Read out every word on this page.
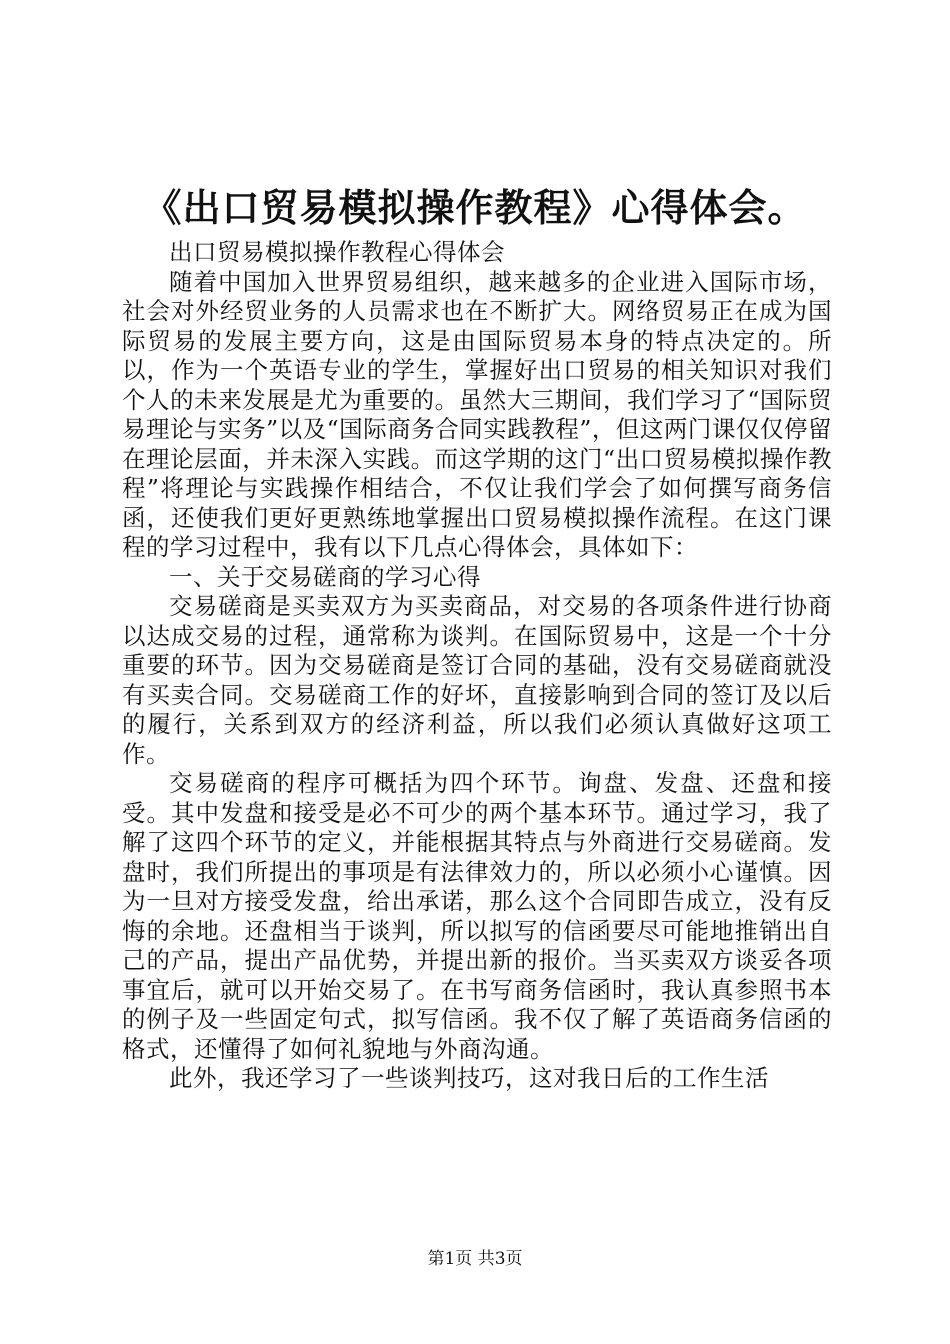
《出口贸易模拟操作教程》心得体会。

出口贸易模拟操作教程心得体会

随着中国加入世界贸易组织，越来越多的企业进入国际市场，社会对外经贸业务的人员需求也在不断扩大。网络贸易正在成为国际贸易的发展主要方向，这是由国际贸易本身的特点决定的。所以，作为一个英语专业的学生，掌握好出口贸易的相关知识对我们个人的未来发展是尤为重要的。虽然大三期间，我们学习了“国际贸易理论与实务”以及“国际商务合同实践教程”，但这两门课仅仅停留在理论层面，并未深入实践。而这学期的这门“出口贸易模拟操作教程”将理论与实践操作相结合，不仅让我们学会了如何撰写商务信函，还使我们更好更熟练地掌握出口贸易模拟操作流程。在这门课程的学习过程中，我有以下几点心得体会，具体如下：

一、关于交易磋商的学习心得

交易磋商是买卖双方为买卖商品，对交易的各项条件进行协商以达成交易的过程，通常称为谈判。在国际贸易中，这是一个十分重要的环节。因为交易磋商是签订合同的基础，没有交易磋商就没有买卖合同。交易磋商工作的好坏，直接影响到合同的签订及以后的履行，关系到双方的经济利益，所以我们必须认真做好这项工作。

交易磋商的程序可概括为四个环节。询盘、发盘、还盘和接受。其中发盘和接受是必不可少的两个基本环节。通过学习，我了解了这四个环节的定义，并能根据其特点与外商进行交易磋商。发盘时，我们所提出的事项是有法律效力的，所以必须小心谨慎。因为一旦对方接受发盘，给出承诺，那么这个合同即告成立，没有反悔的余地。还盘相当于谈判，所以拟写的信函要尽可能地推销出自己的产品，提出产品优势，并提出新的报价。当买卖双方谈妥各项事宜后，就可以开始交易了。在书写商务信函时，我认真参照书本的例子及一些固定句式，拟写信函。我不仅了解了英语商务信函的格式，还懂得了如何礼貌地与外商沟通。

此外，我还学习了一些谈判技巧，这对我日后的工作生活

第1页 共3页
